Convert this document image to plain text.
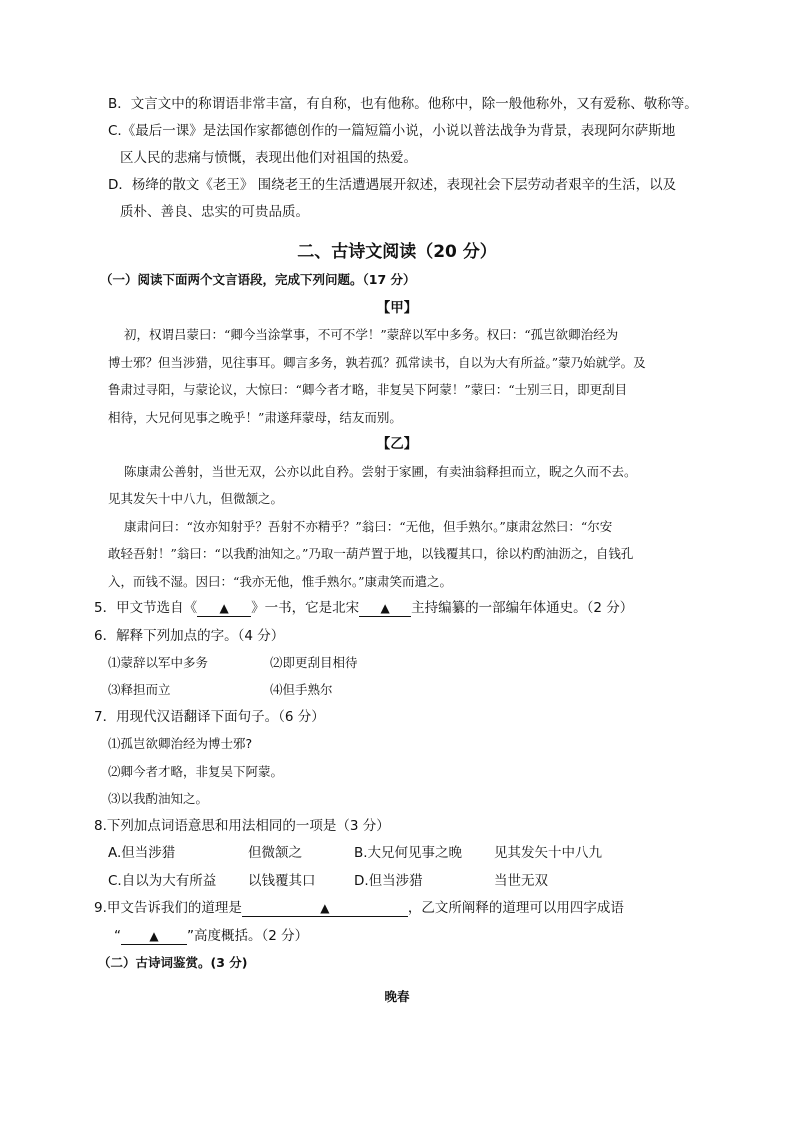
B．文言文中的称谓语非常丰富，有自称，也有他称。他称中，除一般他称外，又有爱称、敬称等。
C.《最后一课》是法国作家都德创作的一篇短篇小说，小说以普法战争为背景，表现阿尔萨斯地
区人民的悲痛与愤慨，表现出他们对祖国的热爱。
D．杨绛的散文《老王》 围绕老王的生活遭遇展开叙述，表现社会下层劳动者艰辛的生活，以及
质朴、善良、忠实的可贵品质。
二、古诗文阅读（20 分）
（一）阅读下面两个文言语段，完成下列问题。（17 分）
【甲】
初，权谓吕蒙曰：“卿今当涂掌事，不可不学！”蒙辞以军中多务。权曰：“孤岂欲卿治经为
博士邪？但当涉猎，见往事耳。卿言多务，孰若孤？孤常读书，自以为大有所益。”蒙乃始就学。及
鲁肃过寻阳，与蒙论议，大惊曰：“卿今者才略，非复吴下阿蒙！”蒙曰：“士别三日，即更刮目
相待，大兄何见事之晚乎！”肃遂拜蒙母，结友而别。
【乙】
陈康肃公善射，当世无双，公亦以此自矜。尝射于家圃，有卖油翁释担而立，睨之久而不去。
见其发矢十中八九，但微颔之。
康肃问曰：“汝亦知射乎？吾射不亦精乎？”翁曰：“无他，但手熟尔。”康肃忿然曰：“尔安
敢轻吾射！”翁曰：“以我酌油知之。”乃取一葫芦置于地，以钱覆其口，徐以杓酌油沥之，自钱孔
入，而钱不湿。因曰：“我亦无他，惟手熟尔。”康肃笑而遣之。
5．甲文节选自《 ▲ 》一书，它是北宋 ▲ 主持编纂的一部编年体通史。（2 分）
6．解释下列加点的字。（4 分）
⑴蒙辞以军中多务	⑵即更刮目相待
⑶释担而立	⑷但手熟尔
7．用现代汉语翻译下面句子。（6 分）
⑴孤岂欲卿治经为博士邪?
⑵卿今者才略，非复吴下阿蒙。
⑶以我酌油知之。
8.下列加点词语意思和用法相同的一项是（3 分）
A.但当涉猎	但微颔之	B.大兄何见事之晚 见其发矢十中八九
C.自以为大有所益 以钱覆其口	D.但当涉猎	当世无双
9.甲文告诉我们的道理是	▲	，乙文所阐释的道理可以用四字成语
“ ▲ ”高度概括。（2 分）
（二）古诗词鉴赏。(3 分)
晚春
